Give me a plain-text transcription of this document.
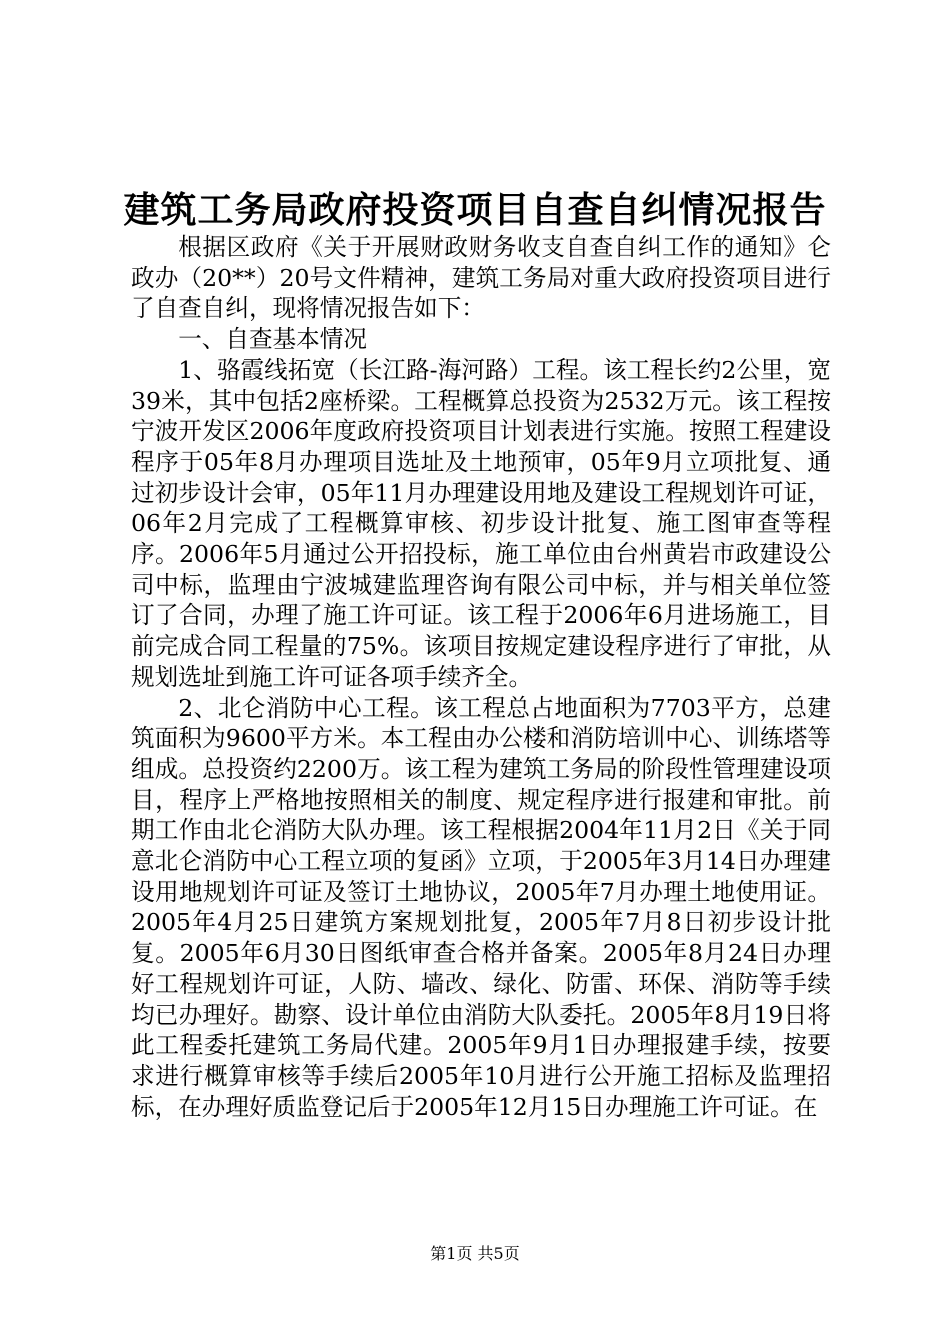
建筑工务局政府投资项目自查自纠情况报告

根据区政府《关于开展财政财务收支自查自纠工作的通知》仑政办（20**）20号文件精神，建筑工务局对重大政府投资项目进行了自查自纠，现将情况报告如下：

一、自查基本情况

1、骆霞线拓宽（长江路-海河路）工程。该工程长约2公里，宽39米，其中包括2座桥梁。工程概算总投资为2532万元。该工程按宁波开发区2006年度政府投资项目计划表进行实施。按照工程建设程序于05年8月办理项目选址及土地预审，05年9月立项批复、通过初步设计会审，05年11月办理建设用地及建设工程规划许可证，06年2月完成了工程概算审核、初步设计批复、施工图审查等程序。2006年5月通过公开招投标，施工单位由台州黄岩市政建设公司中标，监理由宁波城建监理咨询有限公司中标，并与相关单位签订了合同，办理了施工许可证。该工程于2006年6月进场施工，目前完成合同工程量的75%。该项目按规定建设程序进行了审批，从规划选址到施工许可证各项手续齐全。

2、北仑消防中心工程。该工程总占地面积为7703平方，总建筑面积为9600平方米。本工程由办公楼和消防培训中心、训练塔等组成。总投资约2200万。该工程为建筑工务局的阶段性管理建设项目，程序上严格地按照相关的制度、规定程序进行报建和审批。前期工作由北仑消防大队办理。该工程根据2004年11月2日《关于同意北仑消防中心工程立项的复函》立项，于2005年3月14日办理建设用地规划许可证及签订土地协议，2005年7月办理土地使用证。2005年4月25日建筑方案规划批复，2005年7月8日初步设计批复。2005年6月30日图纸审查合格并备案。2005年8月24日办理好工程规划许可证，人防、墙改、绿化、防雷、环保、消防等手续均已办理好。勘察、设计单位由消防大队委托。2005年8月19日将此工程委托建筑工务局代建。2005年9月1日办理报建手续，按要求进行概算审核等手续后2005年10月进行公开施工招标及监理招标，在办理好质监登记后于2005年12月15日办理施工许可证。在

第1页 共5页
